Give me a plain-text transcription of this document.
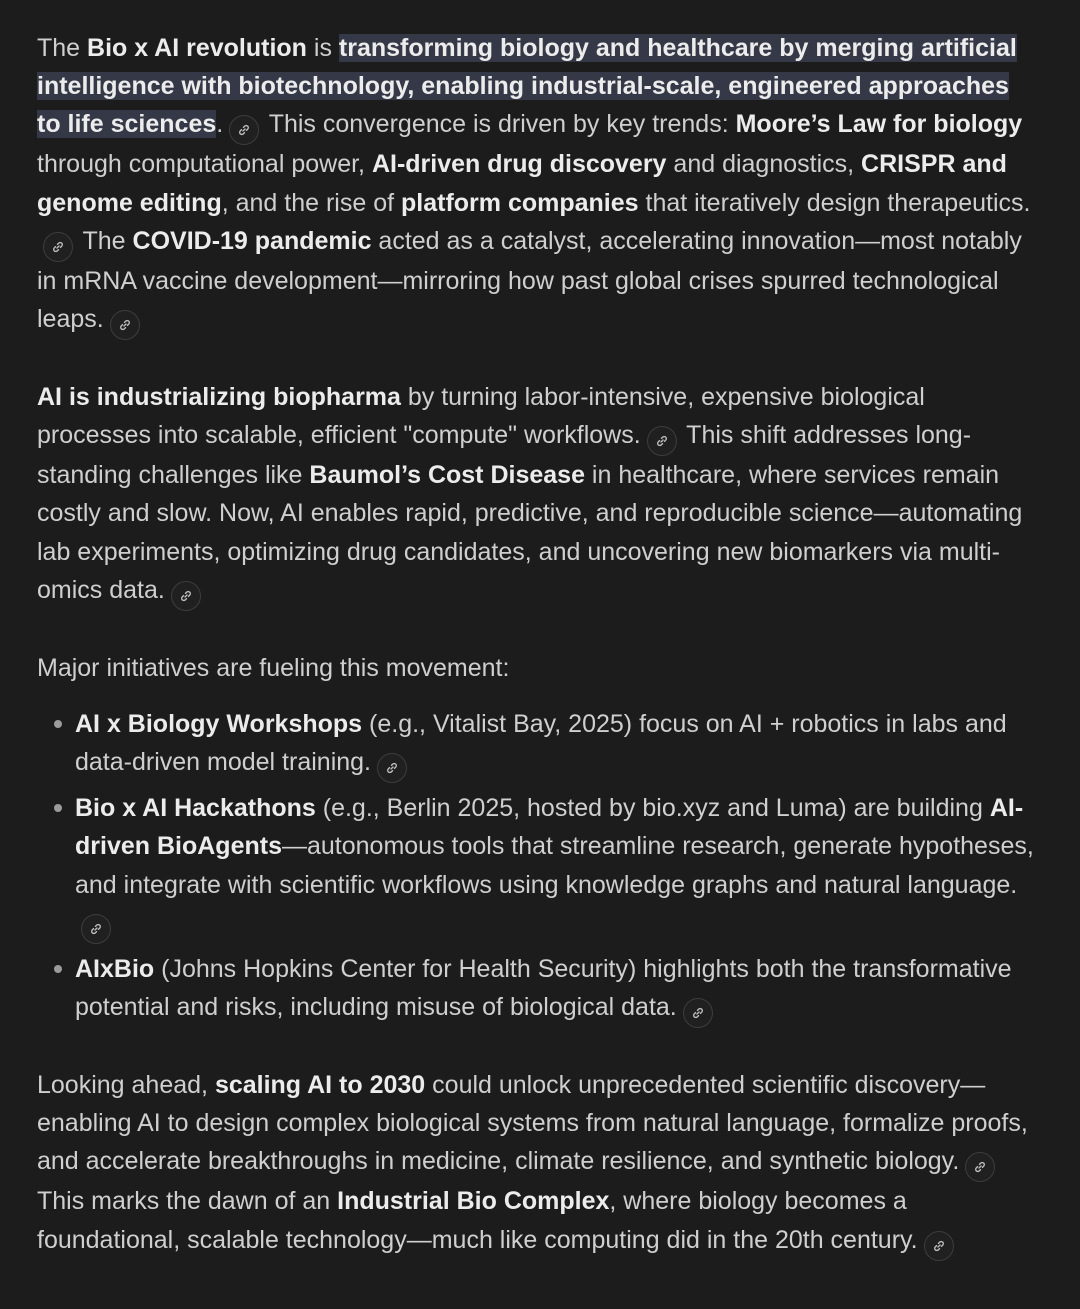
The Bio x AI revolution is transforming biology and healthcare by merging artificial intelligence with biotechnology, enabling industrial-scale, engineered approaches to life sciences.
This convergence is driven by key trends: Moore’s Law for biology through computational power, AI-driven drug discovery and diagnostics, CRISPR and genome editing, and the rise of platform companies that iteratively design therapeutics.
The COVID-19 pandemic acted as a catalyst, accelerating innovation—most notably in mRNA vaccine development—mirroring how past global crises spurred technological leaps.

AI is industrializing biopharma by turning labor-intensive, expensive biological processes into scalable, efficient "compute" workflows.
This shift addresses long-standing challenges like Baumol’s Cost Disease in healthcare, where services remain costly and slow. Now, AI enables rapid, predictive, and reproducible science—automating lab experiments, optimizing drug candidates, and uncovering new biomarkers via multi-omics data.

Major initiatives are fueling this movement:

AI x Biology Workshops (e.g., Vitalist Bay, 2025) focus on AI + robotics in labs and data-driven model training.
Bio x AI Hackathons (e.g., Berlin 2025, hosted by bio.xyz and Luma) are building AI-driven BioAgents—autonomous tools that streamline research, generate hypotheses, and integrate with scientific workflows using knowledge graphs and natural language.
AIxBio (Johns Hopkins Center for Health Security) highlights both the transformative potential and risks, including misuse of biological data.

Looking ahead, scaling AI to 2030 could unlock unprecedented scientific discovery—enabling AI to design complex biological systems from natural language, formalize proofs, and accelerate breakthroughs in medicine, climate resilience, and synthetic biology.
This marks the dawn of an Industrial Bio Complex, where biology becomes a foundational, scalable technology—much like computing did in the 20th century.
